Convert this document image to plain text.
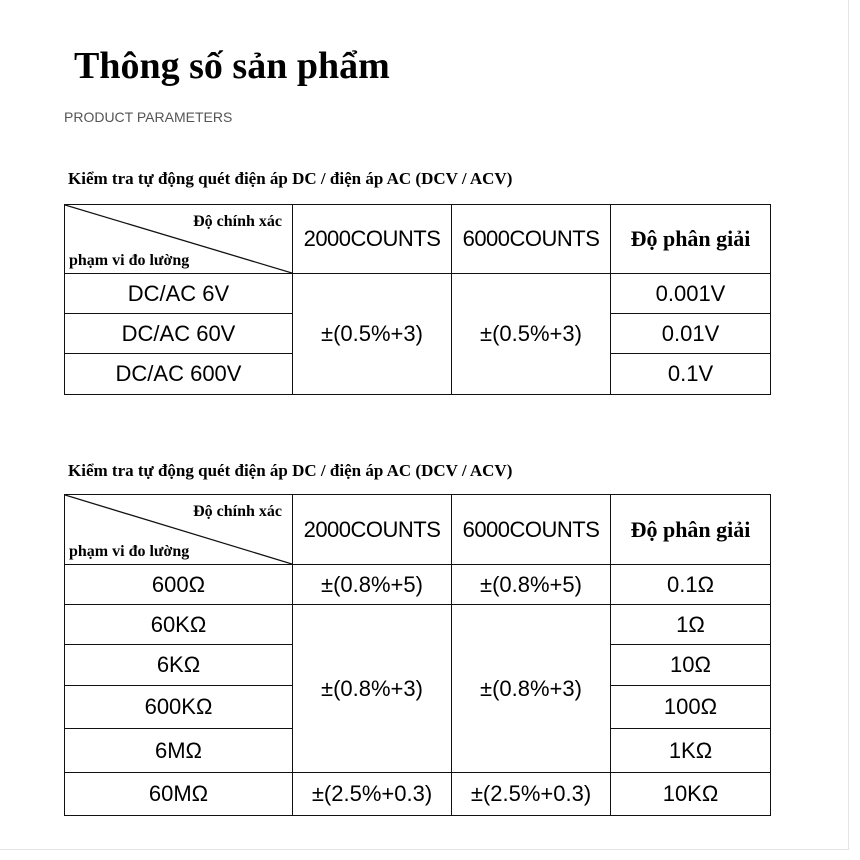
Thông số sản phẩm

PRODUCT PARAMETERS

Kiểm tra tự động quét điện áp DC / điện áp AC (DCV / ACV)

Độ chính xác
phạm vi đo lường	2000COUNTS	6000COUNTS	Độ phân giải
DC/AC 6V	±(0.5%+3)	±(0.5%+3)	0.001V
DC/AC 60V			0.01V
DC/AC 600V			0.1V

Kiểm tra tự động quét điện áp DC / điện áp AC (DCV / ACV)

Độ chính xác
phạm vi đo lường	2000COUNTS	6000COUNTS	Độ phân giải
600Ω	±(0.8%+5)	±(0.8%+5)	0.1Ω
60KΩ	±(0.8%+3)	±(0.8%+3)	1Ω
6KΩ			10Ω
600KΩ			100Ω
6MΩ			1KΩ
60MΩ	±(2.5%+0.3)	±(2.5%+0.3)	10KΩ
